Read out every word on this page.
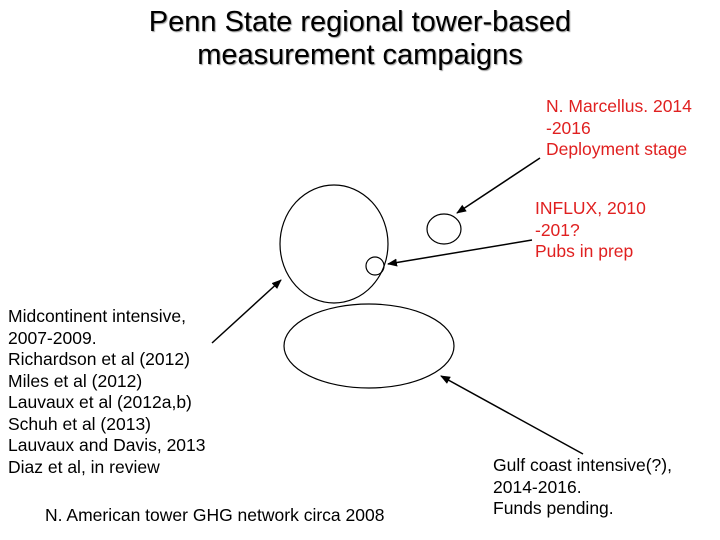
Penn State regional tower-based
measurement campaigns
N. Marcellus. 2014
-2016
Deployment stage
INFLUX, 2010
-201?
Pubs in prep
Midcontinent intensive,
2007-2009.
Richardson et al (2012)
Miles et al (2012)
Lauvaux et al (2012a,b)
Schuh et al (2013)
Lauvaux and Davis, 2013
Diaz et al, in review	Gulf coast intensive(?),
2014-2016.
Funds pending.
N. American tower GHG network circa 2008
